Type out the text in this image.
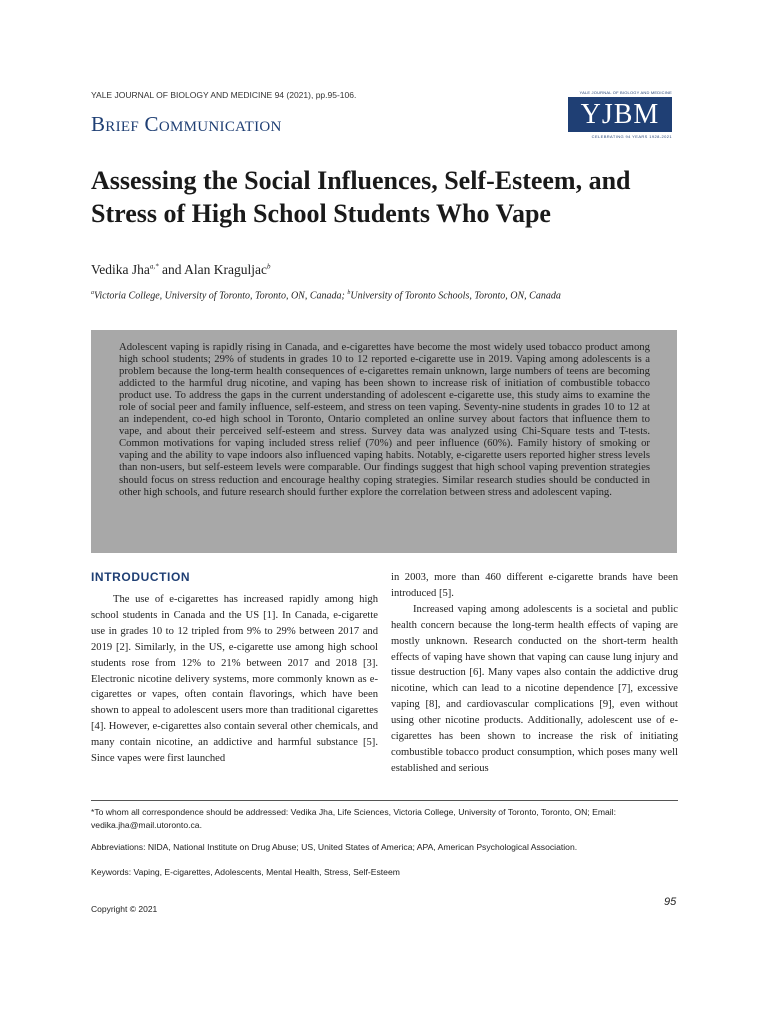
YALE JOURNAL OF BIOLOGY AND MEDICINE 94 (2021), pp.95-106.
Brief Communication
YALE JOURNAL OF BIOLOGY AND MEDICINE
YJBM
CELEBRATING 94 YEARS 1928-2021
Assessing the Social Influences, Self-Esteem, and Stress of High School Students Who Vape
Vedika Jha$^{a,*}$ and Alan Kraguljac$^b$
$^a$Victoria College, University of Toronto, Toronto, ON, Canada; $^b$University of Toronto Schools, Toronto, ON, Canada

Adolescent vaping is rapidly rising in Canada, and e-cigarettes have become the most widely used tobacco product among high school students; 29% of students in grades 10 to 12 reported e-cigarette use in 2019. Vaping among adolescents is a problem because the long-term health consequences of e-cigarettes remain unknown, large numbers of teens are becoming addicted to the harmful drug nicotine, and vaping has been shown to increase risk of initiation of combustible tobacco product use. To address the gaps in the current understanding of adolescent e-cigarette use, this study aims to examine the role of social peer and family influence, self-esteem, and stress on teen vaping. Seventy-nine students in grades 10 to 12 at an independent, co-ed high school in Toronto, Ontario completed an online survey about factors that influence them to vape, and about their perceived self-esteem and stress. Survey data was analyzed using Chi-Square tests and T-tests. Common motivations for vaping included stress relief (70%) and peer influence (60%). Family history of smoking or vaping and the ability to vape indoors also influenced vaping habits. Notably, e-cigarette users reported higher stress levels than non-users, but self-esteem levels were comparable. Our findings suggest that high school vaping prevention strategies should focus on stress reduction and encourage healthy coping strategies. Similar research studies should be conducted in other high schools, and future research should further explore the correlation between stress and adolescent vaping.

INTRODUCTION

The use of e-cigarettes has increased rapidly among high school students in Canada and the US [1]. In Canada, e-cigarette use in grades 10 to 12 tripled from 9% to 29% between 2017 and 2019 [2]. Similarly, in the US, e-cigarette use among high school students rose from 12% to 21% between 2017 and 2018 [3]. Electronic nicotine delivery systems, more commonly known as e-cigarettes or vapes, often contain flavorings, which have been shown to appeal to adolescent users more than traditional cigarettes [4]. However, e-cigarettes also contain several other chemicals, and many contain nicotine, an addictive and harmful substance [5]. Since vapes were first launched

in 2003, more than 460 different e-cigarette brands have been introduced [5].

Increased vaping among adolescents is a societal and public health concern because the long-term health effects of vaping are mostly unknown. Research conducted on the short-term health effects of vaping have shown that vaping can cause lung injury and tissue destruction [6]. Many vapes also contain the addictive drug nicotine, which can lead to a nicotine dependence [7], excessive vaping [8], and cardiovascular complications [9], even without using other nicotine products. Additionally, adolescent use of e-cigarettes has been shown to increase the risk of initiating combustible tobacco product consumption, which poses many well established and serious

*To whom all correspondence should be addressed: Vedika Jha, Life Sciences, Victoria College, University of Toronto, Toronto, ON; Email: vedika.jha@mail.utoronto.ca.
Abbreviations: NIDA, National Institute on Drug Abuse; US, United States of America; APA, American Psychological Association.
Keywords: Vaping, E-cigarettes, Adolescents, Mental Health, Stress, Self-Esteem
Copyright © 2021
95
